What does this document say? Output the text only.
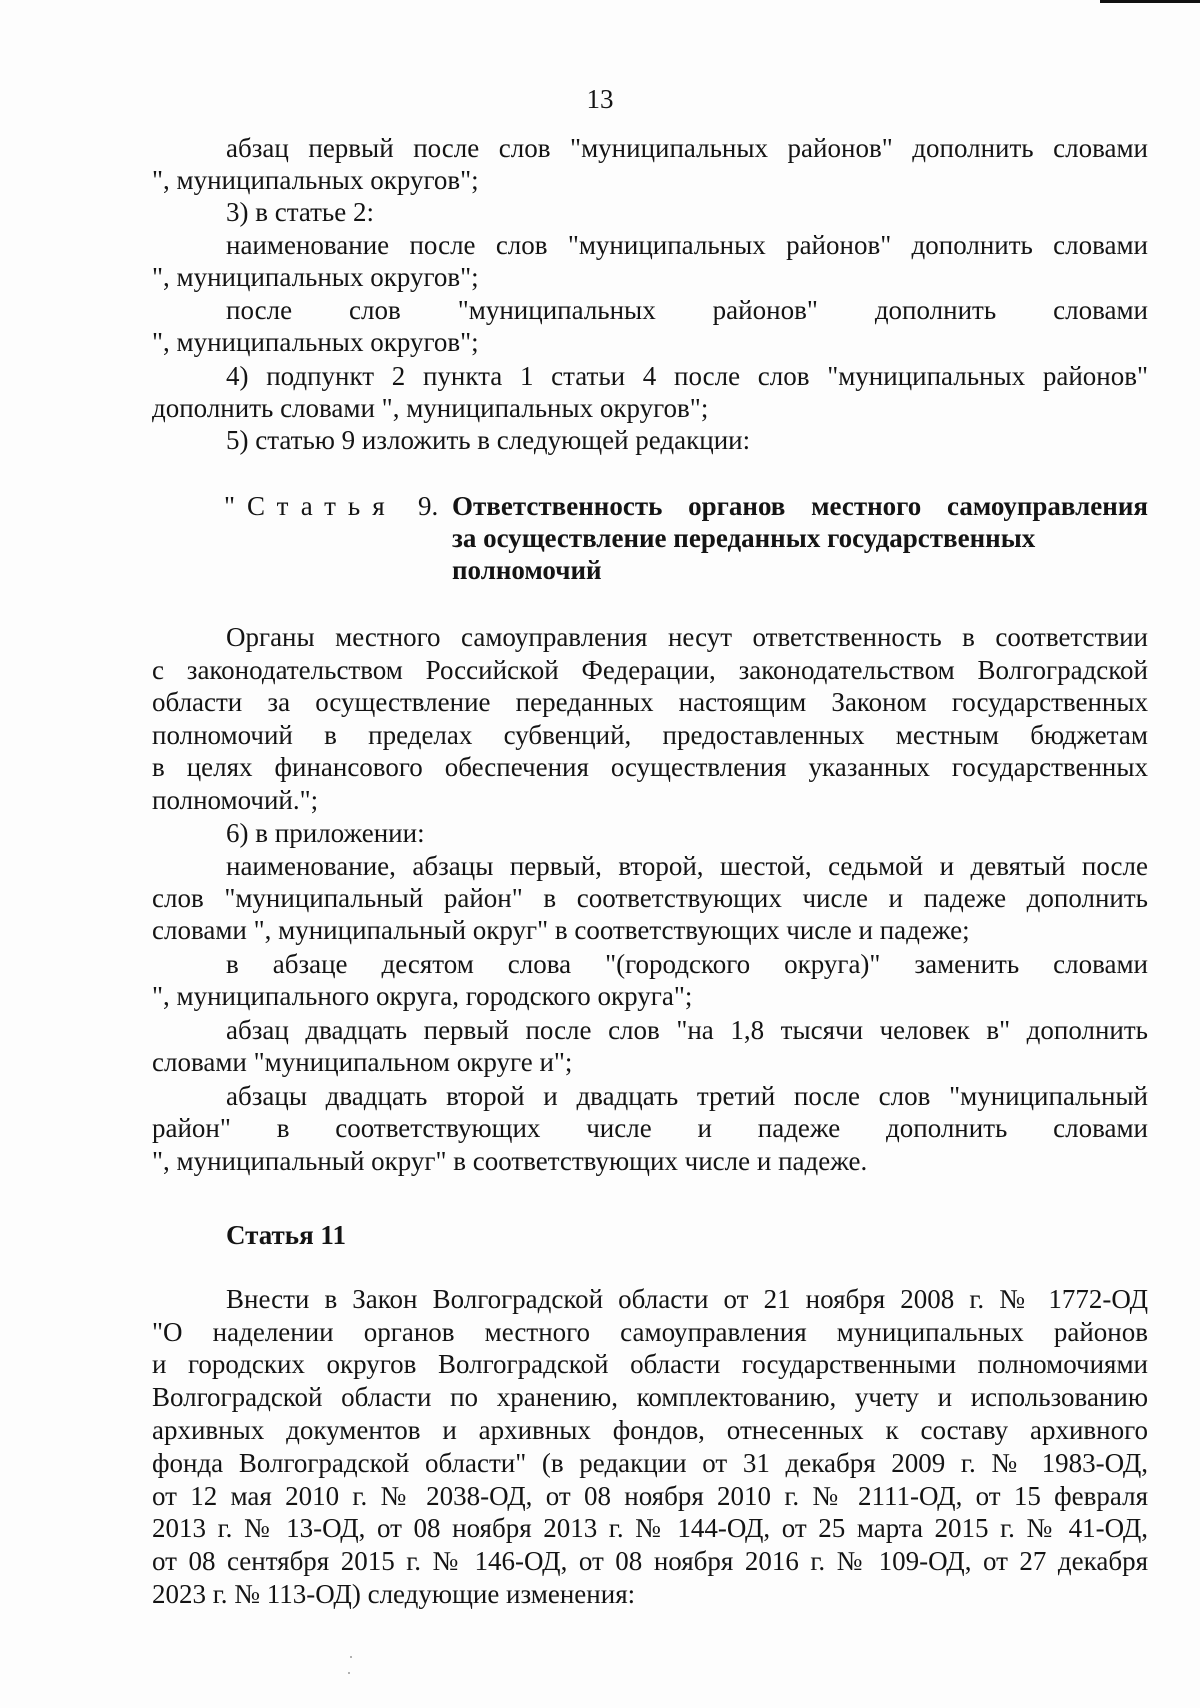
13
абзац первый после слов "муниципальных районов" дополнить словами
", муниципальных округов";
3) в статье 2:
наименование после слов "муниципальных районов" дополнить словами
", муниципальных округов";
после слов "муниципальных районов" дополнить словами
", муниципальных округов";
4) подпункт 2 пункта 1 статьи 4 после слов "муниципальных районов"
дополнить словами ", муниципальных округов";
5) статью 9 изложить в следующей редакции:
"Статья 9. Ответственность органов местного самоуправления
за осуществление переданных государственных
полномочий
Органы местного самоуправления несут ответственность в соответствии
с законодательством Российской Федерации, законодательством Волгоградской
области за осуществление переданных настоящим Законом государственных
полномочий в пределах субвенций, предоставленных местным бюджетам
в целях финансового обеспечения осуществления указанных государственных
полномочий.";
6) в приложении:
наименование, абзацы первый, второй, шестой, седьмой и девятый после
слов "муниципальный район" в соответствующих числе и падеже дополнить
словами ", муниципальный округ" в соответствующих числе и падеже;
в абзаце десятом слова "(городского округа)" заменить словами
", муниципального округа, городского округа";
абзац двадцать первый после слов "на 1,8 тысячи человек в" дополнить
словами "муниципальном округе и";
абзацы двадцать второй и двадцать третий после слов "муниципальный
район" в соответствующих числе и падеже дополнить словами
", муниципальный округ" в соответствующих числе и падеже.
Статья 11
Внести в Закон Волгоградской области от 21 ноября 2008 г. № 1772-ОД
"О наделении органов местного самоуправления муниципальных районов
и городских округов Волгоградской области государственными полномочиями
Волгоградской области по хранению, комплектованию, учету и использованию
архивных документов и архивных фондов, отнесенных к составу архивного
фонда Волгоградской области" (в редакции от 31 декабря 2009 г. № 1983-ОД,
от 12 мая 2010 г. № 2038-ОД, от 08 ноября 2010 г. № 2111-ОД, от 15 февраля
2013 г. № 13-ОД, от 08 ноября 2013 г. № 144-ОД, от 25 марта 2015 г. № 41-ОД,
от 08 сентября 2015 г. № 146-ОД, от 08 ноября 2016 г. № 109-ОД, от 27 декабря
2023 г. № 113-ОД) следующие изменения:
